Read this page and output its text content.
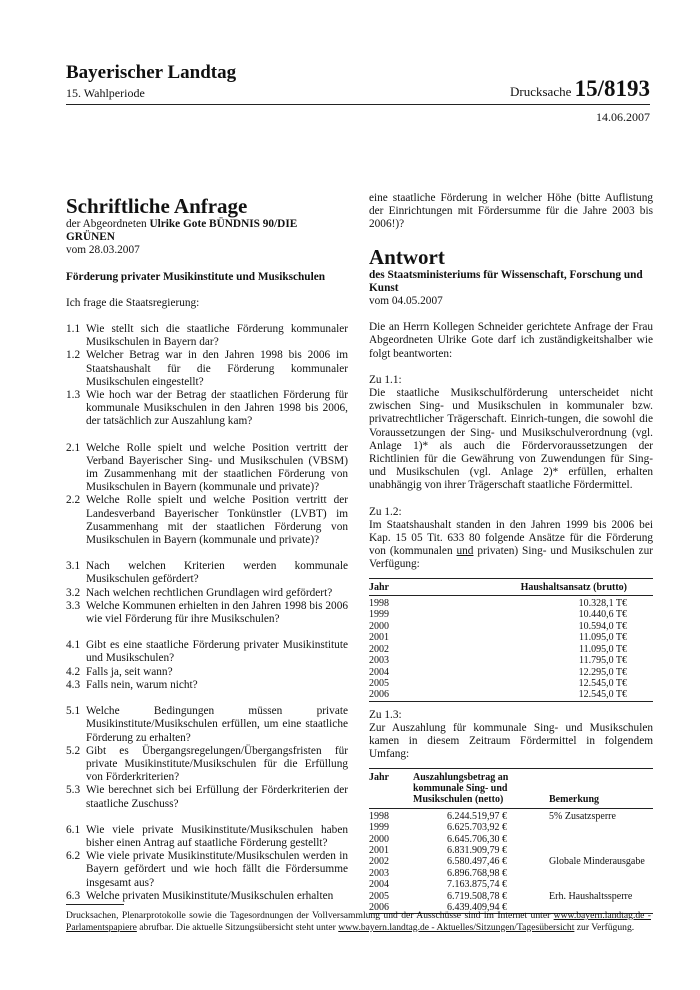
Bayerischer Landtag
15. Wahlperiode	Drucksache 15/8193
14.06.2007
Schriftliche Anfrage

der Abgeordneten Ulrike Gote BÜNDNIS 90/DIE GRÜNEN

vom 28.03.2007

Förderung privater Musikinstitute und Musikschulen

Ich frage die Staatsregierung:

1.1 Wie stellt sich die staatliche Förderung kommunaler Musikschulen in Bayern dar?
1.2 Welcher Betrag war in den Jahren 1998 bis 2006 im Staatshaushalt für die Förderung kommunaler Musikschulen eingestellt?
1.3 Wie hoch war der Betrag der staatlichen Förderung für kommunale Musikschulen in den Jahren 1998 bis 2006, der tatsächlich zur Auszahlung kam?
2.1 Welche Rolle spielt und welche Position vertritt der Verband Bayerischer Sing- und Musikschulen (VBSM) im Zusammenhang mit der staatlichen Förderung von Musikschulen in Bayern (kommunale und private)?
2.2 Welche Rolle spielt und welche Position vertritt der Landesverband Bayerischer Tonkünstler (LVBT) im Zusammenhang mit der staatlichen Förderung von Musikschulen in Bayern (kommunale und private)?
3.1 Nach welchen Kriterien werden kommunale Musikschulen gefördert?
3.2 Nach welchen rechtlichen Grundlagen wird gefördert?
3.3 Welche Kommunen erhielten in den Jahren 1998 bis 2006 wie viel Förderung für ihre Musikschulen?
4.1 Gibt es eine staatliche Förderung privater Musikinstitute und Musikschulen?
4.2 Falls ja, seit wann?
4.3 Falls nein, warum nicht?
5.1 Welche Bedingungen müssen private Musikinstitute/Musikschulen erfüllen, um eine staatliche Förderung zu erhalten?
5.2 Gibt es Übergangsregelungen/Übergangsfristen für private Musikinstitute/Musikschulen für die Erfüllung von Förderkriterien?
5.3 Wie berechnet sich bei Erfüllung der Förderkriterien der staatliche Zuschuss?
6.1 Wie viele private Musikinstitute/Musikschulen haben bisher einen Antrag auf staatliche Förderung gestellt?
6.2 Wie viele private Musikinstitute/Musikschulen werden in Bayern gefördert und wie hoch fällt die Fördersumme insgesamt aus?
6.3 Welche privaten Musikinstitute/Musikschulen erhalten

eine staatliche Förderung in welcher Höhe (bitte Auflistung der Einrichtungen mit Fördersumme für die Jahre 2003 bis 2006!)?

Antwort

des Staatsministeriums für Wissenschaft, Forschung und Kunst

vom 04.05.2007

Die an Herrn Kollegen Schneider gerichtete Anfrage der Frau Abgeordneten Ulrike Gote darf ich zuständigkeitshalber wie folgt beantworten:

Zu 1.1:

Die staatliche Musikschulförderung unterscheidet nicht zwischen Sing- und Musikschulen in kommunaler bzw. privatrechtlicher Trägerschaft. Einrich-tungen, die sowohl die Voraussetzungen der Sing- und Musikschulverordnung (vgl. Anlage 1)* als auch die Fördervoraussetzungen der Richtlinien für die Gewährung von Zuwendungen für Sing- und Musikschulen (vgl. Anlage 2)* erfüllen, erhalten unabhängig von ihrer Trägerschaft staatliche Fördermittel.

Zu 1.2:

Im Staatshaushalt standen in den Jahren 1999 bis 2006 bei Kap. 15 05 Tit. 633 80 folgende Ansätze für die Förderung von (kommunalen und privaten) Sing- und Musikschulen zur Verfügung:

Jahr	Haushaltsansatz (brutto)
1998	10.328,1 T€
1999	10.440,6 T€
2000	10.594,0 T€
2001	11.095,0 T€
2002	11.095,0 T€
2003	11.795,0 T€
2004	12.295,0 T€
2005	12.545,0 T€
2006	12.545,0 T€

Zu 1.3:

Zur Auszahlung für kommunale Sing- und Musikschulen kamen in diesem Zeitraum Fördermittel in folgendem Umfang:

Jahr	Auszahlungsbetrag an kommunale Sing- und Musikschulen (netto)	Bemerkung
1998	6.244.519,97 €	5% Zusatzsperre
1999	6.625.703,92 €	
2000	6.645.706,30 €	
2001	6.831.909,79 €	
2002	6.580.497,46 €	Globale Minderausgabe
2003	6.896.768,98 €	
2004	7.163.875,74 €	
2005	6.719.508,78 €	Erh. Haushaltssperre
2006	6.439.409,94 €	
Drucksachen, Plenarprotokolle sowie die Tagesordnungen der Vollversammlung und der Ausschüsse sind im Internet unter www.bayern.landtag.de - Parlamentspapiere abrufbar. Die aktuelle Sitzungsübersicht steht unter www.bayern.landtag.de - Aktuelles/Sitzungen/Tagesübersicht zur Verfügung.
